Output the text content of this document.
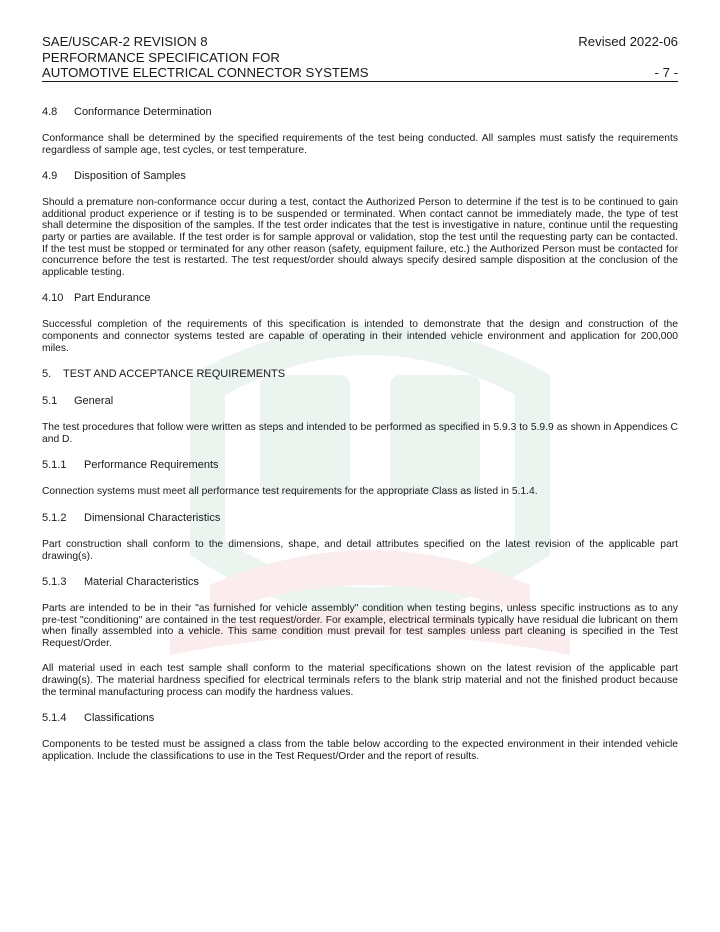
SAE/USCAR-2 REVISION 8	Revised 2022-06
PERFORMANCE SPECIFICATION FOR
AUTOMOTIVE ELECTRICAL CONNECTOR SYSTEMS	- 7 -
4.8 Conformance Determination

Conformance shall be determined by the specified requirements of the test being conducted. All samples must satisfy the requirements regardless of sample age, test cycles, or test temperature.

4.9 Disposition of Samples

Should a premature non-conformance occur during a test, contact the Authorized Person to determine if the test is to be continued to gain additional product experience or if testing is to be suspended or terminated. When contact cannot be immediately made, the type of test shall determine the disposition of the samples. If the test order indicates that the test is investigative in nature, continue until the requesting party or parties are available. If the test order is for sample approval or validation, stop the test until the requesting party can be contacted. If the test must be stopped or terminated for any other reason (safety, equipment failure, etc.) the Authorized Person must be contacted for concurrence before the test is restarted. The test request/order should always specify desired sample disposition at the conclusion of the applicable testing.

4.10 Part Endurance

Successful completion of the requirements of this specification is intended to demonstrate that the design and construction of the components and connector systems tested are capable of operating in their intended vehicle environment and application for 200,000 miles.

5. TEST AND ACCEPTANCE REQUIREMENTS
5.1 General

The test procedures that follow were written as steps and intended to be performed as specified in 5.9.3 to 5.9.9 as shown in Appendices C and D.

5.1.1 Performance Requirements

Connection systems must meet all performance test requirements for the appropriate Class as listed in 5.1.4.

5.1.2 Dimensional Characteristics

Part construction shall conform to the dimensions, shape, and detail attributes specified on the latest revision of the applicable part drawing(s).

5.1.3 Material Characteristics

Parts are intended to be in their "as furnished for vehicle assembly" condition when testing begins, unless specific instructions as to any pre-test "conditioning" are contained in the test request/order. For example, electrical terminals typically have residual die lubricant on them when finally assembled into a vehicle. This same condition must prevail for test samples unless part cleaning is specified in the Test Request/Order.

All material used in each test sample shall conform to the material specifications shown on the latest revision of the applicable part drawing(s). The material hardness specified for electrical terminals refers to the blank strip material and not the finished product because the terminal manufacturing process can modify the hardness values.

5.1.4 Classifications

Components to be tested must be assigned a class from the table below according to the expected environment in their intended vehicle application. Include the classifications to use in the Test Request/Order and the report of results.
